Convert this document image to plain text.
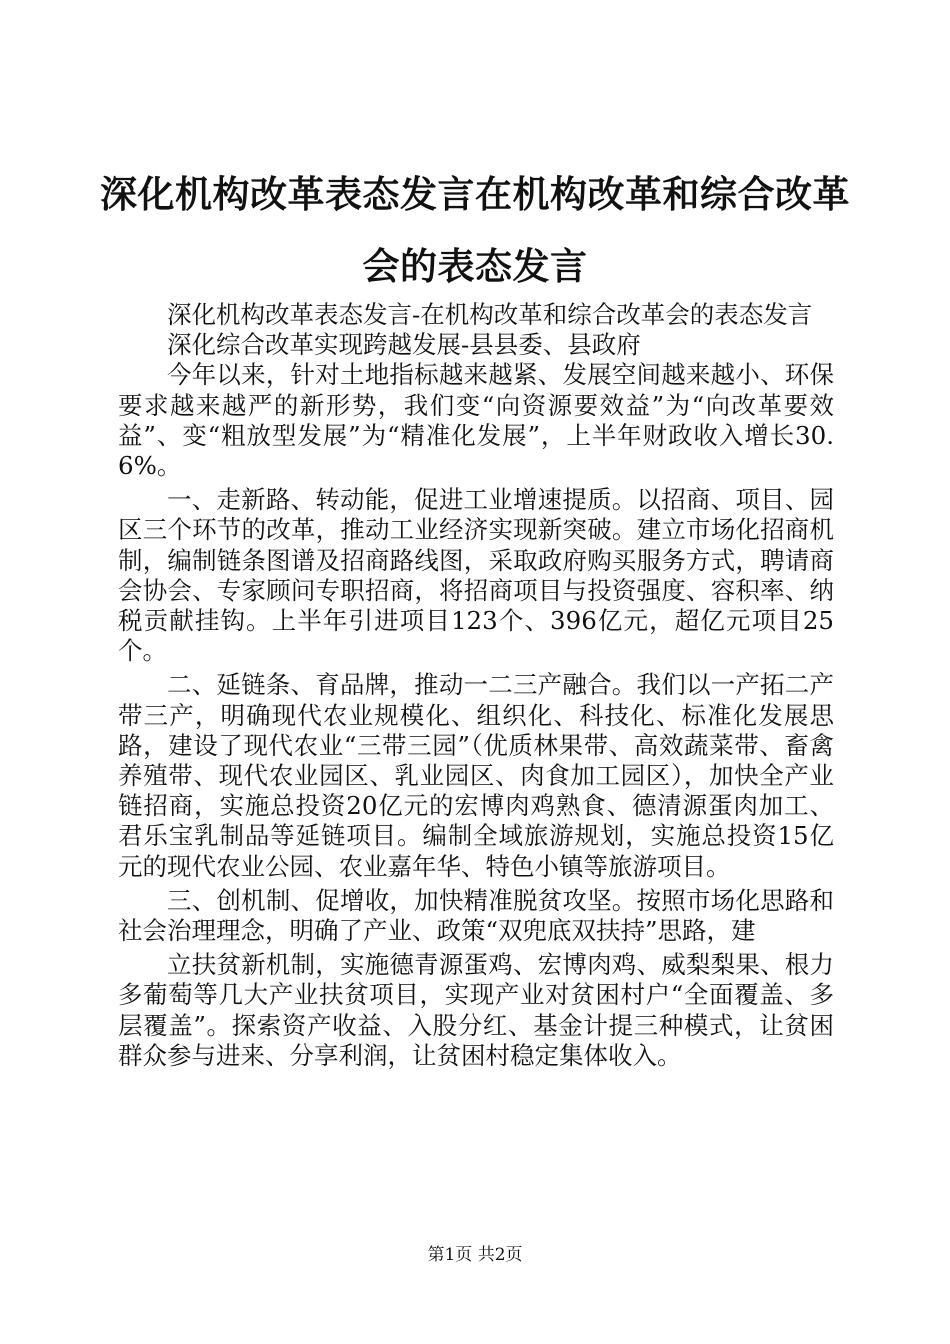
深化机构改革表态发言在机构改革和综合改革会的表态发言

深化机构改革表态发言-在机构改革和综合改革会的表态发言

深化综合改革实现跨越发展-县县委、县政府

今年以来，针对土地指标越来越紧、发展空间越来越小、环保要求越来越严的新形势，我们变“向资源要效益”为“向改革要效益”、变“粗放型发展”为“精准化发展”，上半年财政收入增长30.6%。

一、走新路、转动能，促进工业增速提质。以招商、项目、园区三个环节的改革，推动工业经济实现新突破。建立市场化招商机制，编制链条图谱及招商路线图，采取政府购买服务方式，聘请商会协会、专家顾问专职招商，将招商项目与投资强度、容积率、纳税贡献挂钩。上半年引进项目123个、396亿元，超亿元项目25个。

二、延链条、育品牌，推动一二三产融合。我们以一产拓二产带三产，明确现代农业规模化、组织化、科技化、标准化发展思路，建设了现代农业“三带三园”（优质林果带、高效蔬菜带、畜禽养殖带、现代农业园区、乳业园区、肉食加工园区），加快全产业链招商，实施总投资20亿元的宏博肉鸡熟食、德清源蛋肉加工、君乐宝乳制品等延链项目。编制全域旅游规划，实施总投资15亿元的现代农业公园、农业嘉年华、特色小镇等旅游项目。

三、创机制、促增收，加快精准脱贫攻坚。按照市场化思路和社会治理理念，明确了产业、政策“双兜底双扶持”思路，建

立扶贫新机制，实施德青源蛋鸡、宏博肉鸡、威梨梨果、根力多葡萄等几大产业扶贫项目，实现产业对贫困村户“全面覆盖、多层覆盖”。探索资产收益、入股分红、基金计提三种模式，让贫困群众参与进来、分享利润，让贫困村稳定集体收入。

第1页 共2页
